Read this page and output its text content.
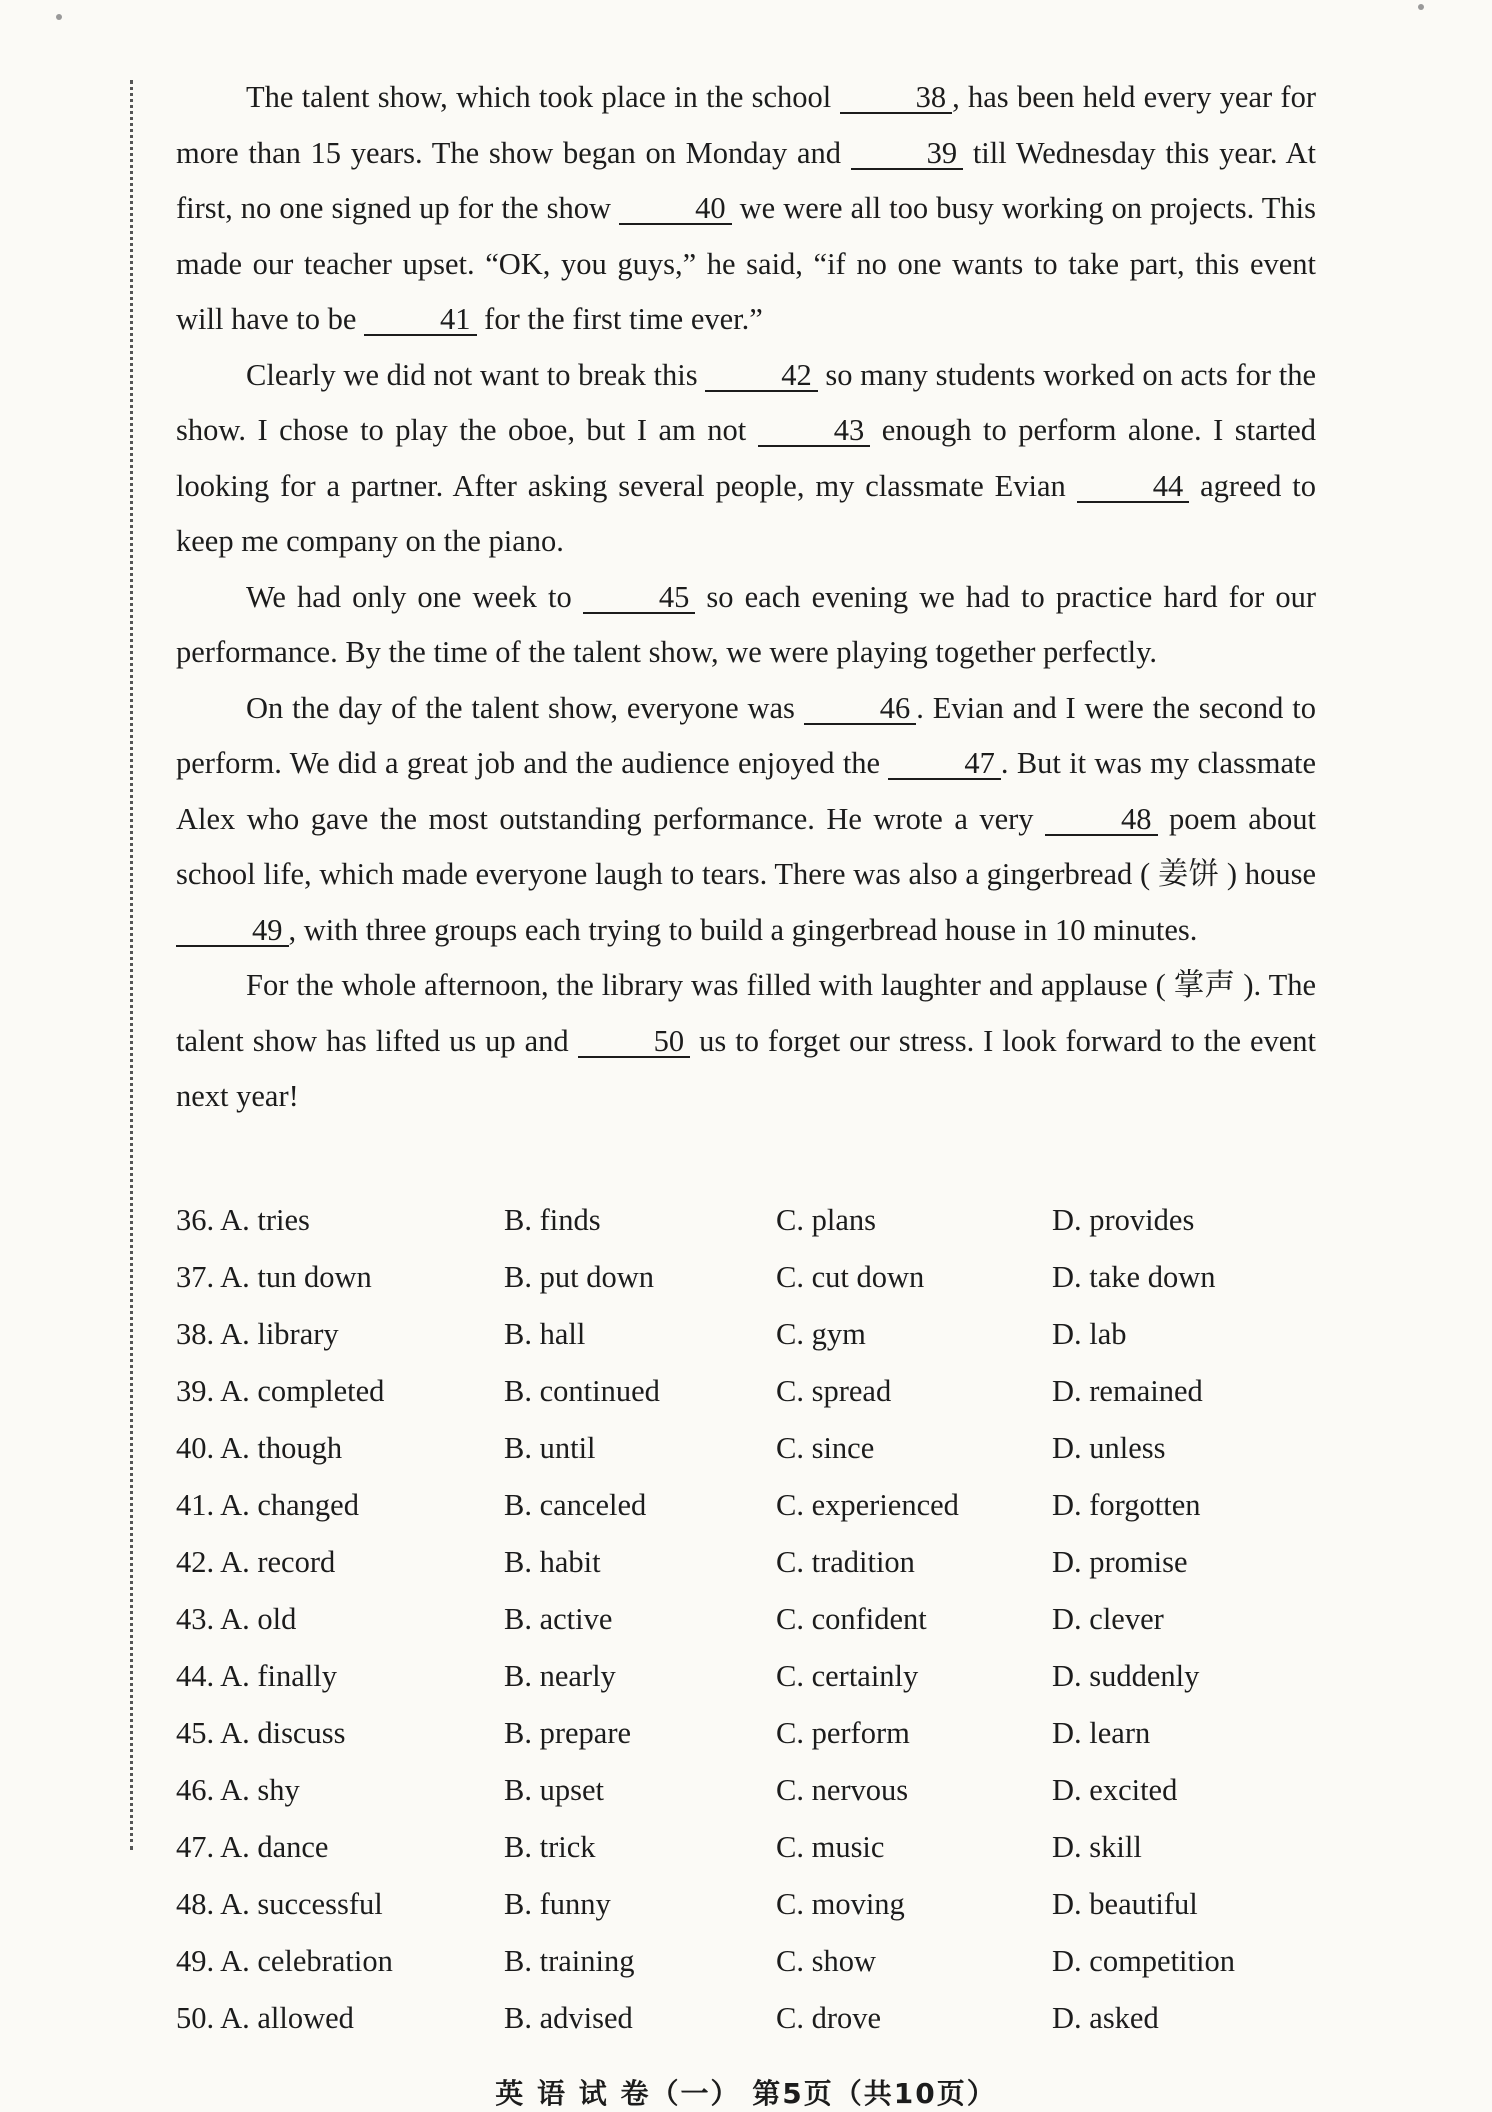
The talent show, which took place in the school 38 , has been held every year for more than 15 years. The show began on Monday and 39 till Wednesday this year. At first, no one signed up for the show 40 we were all too busy working on projects. This made our teacher upset. “OK, you guys,” he said, “if no one wants to take part, this event will have to be 41 for the first time ever.”

Clearly we did not want to break this 42 so many students worked on acts for the show. I chose to play the oboe, but I am not 43 enough to perform alone. I started looking for a partner. After asking several people, my classmate Evian 44 agreed to keep me company on the piano.

We had only one week to 45 so each evening we had to practice hard for our performance. By the time of the talent show, we were playing together perfectly.

On the day of the talent show, everyone was 46 . Evian and I were the second to perform. We did a great job and the audience enjoyed the 47 . But it was my classmate Alex who gave the most outstanding performance. He wrote a very 48 poem about school life, which made everyone laugh to tears. There was also a gingerbread ( 姜饼 ) house 49 , with three groups each trying to build a gingerbread house in 10 minutes.

For the whole afternoon, the library was filled with laughter and applause ( 掌声 ). The talent show has lifted us up and 50 us to forget our stress. I look forward to the event next year!

36. A. tries	B. finds	C. plans	D. provides
37. A. tun down	B. put down	C. cut down	D. take down
38. A. library	B. hall	C. gym	D. lab
39. A. completed	B. continued	C. spread	D. remained
40. A. though	B. until	C. since	D. unless
41. A. changed	B. canceled	C. experienced	D. forgotten
42. A. record	B. habit	C. tradition	D. promise
43. A. old	B. active	C. confident	D. clever
44. A. finally	B. nearly	C. certainly	D. suddenly
45. A. discuss	B. prepare	C. perform	D. learn
46. A. shy	B. upset	C. nervous	D. excited
47. A. dance	B. trick	C. music	D. skill
48. A. successful	B. funny	C. moving	D. beautiful
49. A. celebration	B. training	C. show	D. competition
50. A. allowed	B. advised	C. drove	D. asked
英 语 试 卷（一） 第5页（共10页）
